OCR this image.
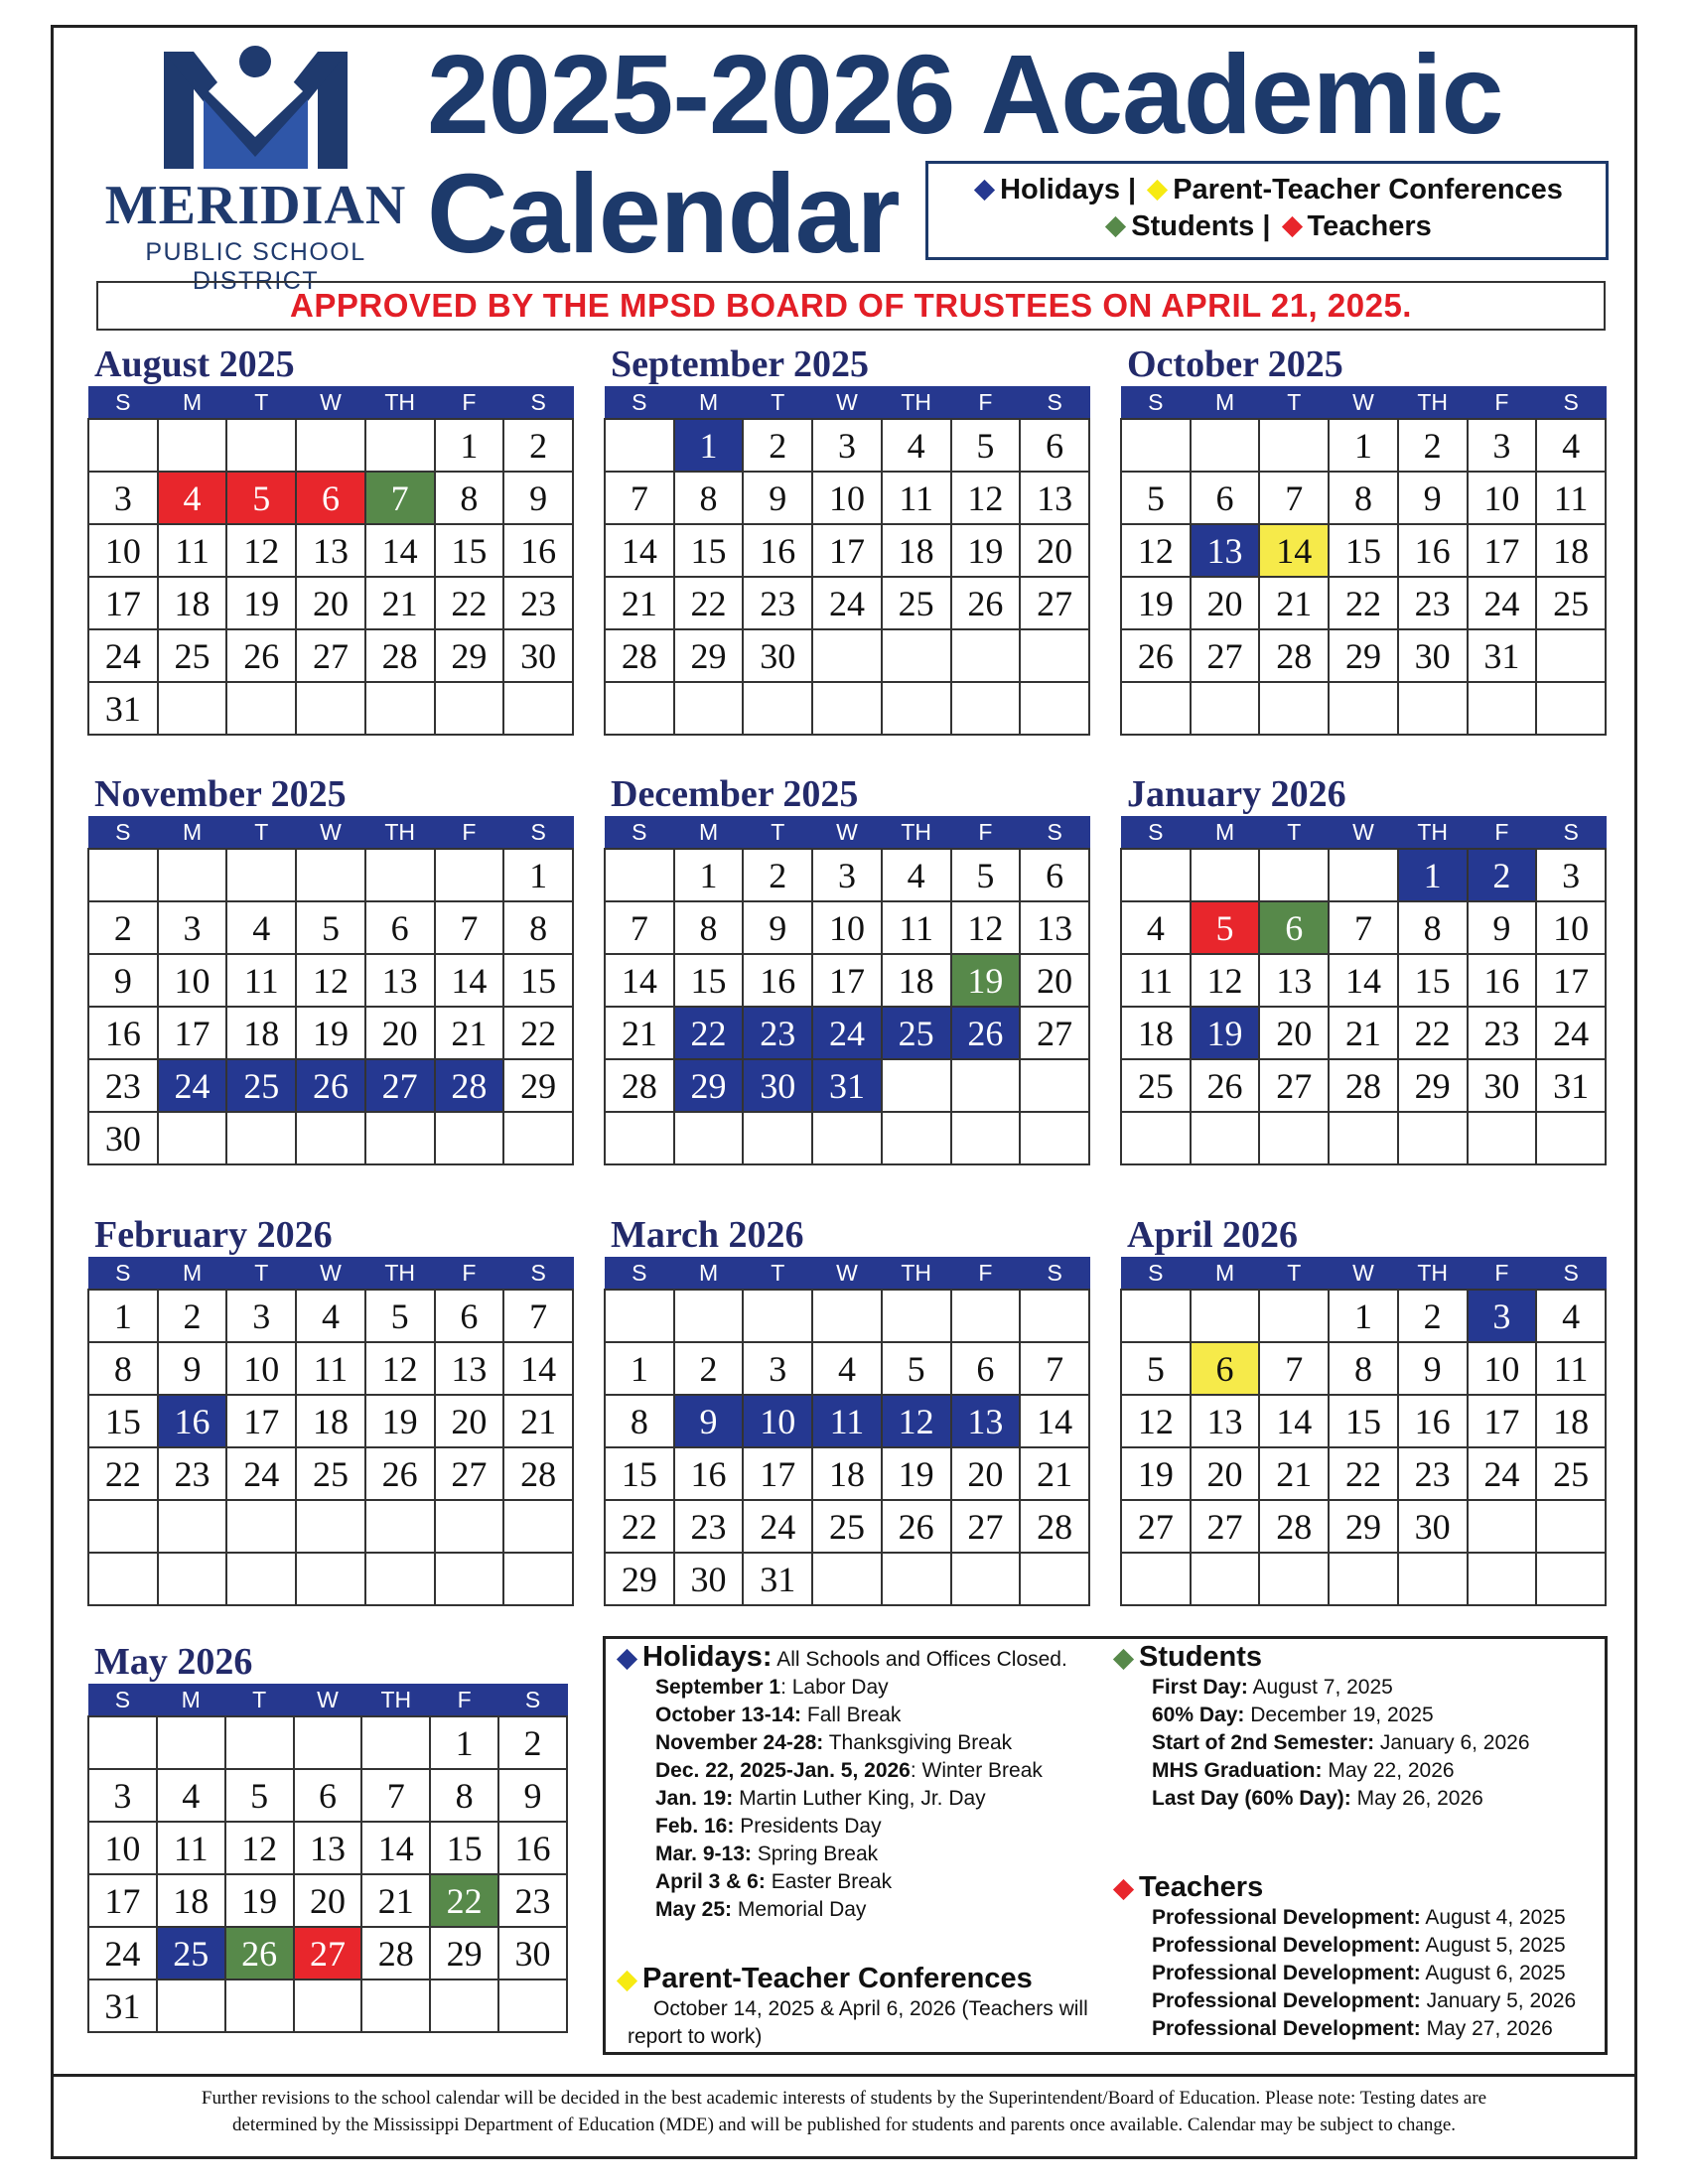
MERIDIAN
PUBLIC SCHOOL DISTRICT
2025-2026 Academic
Calendar	Holidays | Parent-Teacher Conferences
Students | Teachers
APPROVED BY THE MPSD BOARD OF TRUSTEES ON APRIL 21, 2025.
August 2025
S	M	T	W	TH	F	S
					1	2
3	4	5	6	7	8	9
10	11	12	13	14	15	16
17	18	19	20	21	22	23
24	25	26	27	28	29	30
31						
September 2025
S	M	T	W	TH	F	S
	1	2	3	4	5	6
7	8	9	10	11	12	13
14	15	16	17	18	19	20
21	22	23	24	25	26	27
28	29	30				

October 2025
S	M	T	W	TH	F	S
			1	2	3	4
5	6	7	8	9	10	11
12	13	14	15	16	17	18
19	20	21	22	23	24	25
26	27	28	29	30	31	

November 2025
S	M	T	W	TH	F	S
						1
2	3	4	5	6	7	8
9	10	11	12	13	14	15
16	17	18	19	20	21	22
23	24	25	26	27	28	29
30						
December 2025
S	M	T	W	TH	F	S
	1	2	3	4	5	6
7	8	9	10	11	12	13
14	15	16	17	18	19	20
21	22	23	24	25	26	27
28	29	30	31			

January 2026
S	M	T	W	TH	F	S
				1	2	3
4	5	6	7	8	9	10
11	12	13	14	15	16	17
18	19	20	21	22	23	24
25	26	27	28	29	30	31

February 2026
S	M	T	W	TH	F	S
1	2	3	4	5	6	7
8	9	10	11	12	13	14
15	16	17	18	19	20	21
22	23	24	25	26	27	28

March 2026
S	M	T	W	TH	F	S

1	2	3	4	5	6	7
8	9	10	11	12	13	14
15	16	17	18	19	20	21
22	23	24	25	26	27	28
29	30	31				
April 2026
S	M	T	W	TH	F	S
			1	2	3	4
5	6	7	8	9	10	11
12	13	14	15	16	17	18
19	20	21	22	23	24	25
27	27	28	29	30		

May 2026
S	M	T	W	TH	F	S
					1	2
3	4	5	6	7	8	9
10	11	12	13	14	15	16
17	18	19	20	21	22	23
24	25	26	27	28	29	30
31						
Holidays: All Schools and Offices Closed.
September 1: Labor Day
October 13-14: Fall Break
November 24-28: Thanksgiving Break
Dec. 22, 2025-Jan. 5, 2026: Winter Break
Jan. 19: Martin Luther King, Jr. Day
Feb. 16: Presidents Day
Mar. 9-13: Spring Break
April 3 & 6: Easter Break
May 25: Memorial Day
Parent-Teacher Conferences
October 14, 2025 & April 6, 2026 (Teachers will
report to work)
Students
First Day: August 7, 2025
60% Day: December 19, 2025
Start of 2nd Semester: January 6, 2026
MHS Graduation: May 22, 2026
Last Day (60% Day): May 26, 2026
Teachers
Professional Development: August 4, 2025
Professional Development: August 5, 2025
Professional Development: August 6, 2025
Professional Development: January 5, 2026
Professional Development: May 27, 2026
Further revisions to the school calendar will be decided in the best academic interests of students by the Superintendent/Board of Education. Please note: Testing dates are
determined by the Mississippi Department of Education (MDE) and will be published for students and parents once available. Calendar may be subject to change.
